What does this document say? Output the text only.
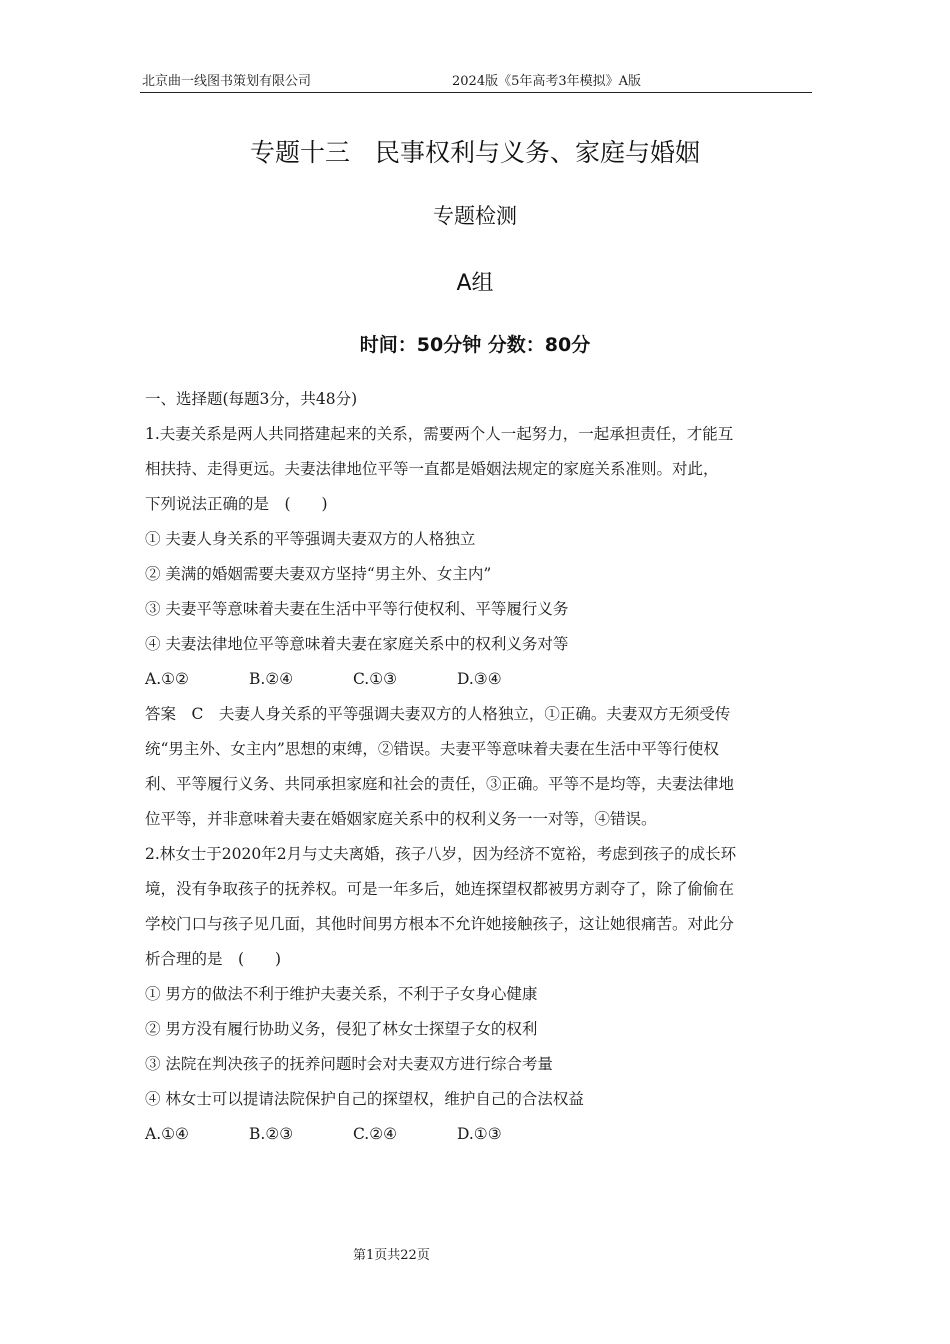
北京曲一线图书策划有限公司	2024版《5年高考3年模拟》A版
专题十三　民事权利与义务、家庭与婚姻
专题检测
A组
时间：50分钟 分数：80分
一、选择题(每题3分，共48分)
1.夫妻关系是两人共同搭建起来的关系，需要两个人一起努力，一起承担责任，才能互
相扶持、走得更远。夫妻法律地位平等一直都是婚姻法规定的家庭关系准则。对此，
下列说法正确的是　(　　)
① 夫妻人身关系的平等强调夫妻双方的人格独立
② 美满的婚姻需要夫妻双方坚持“男主外、女主内”
③ 夫妻平等意味着夫妻在生活中平等行使权利、平等履行义务
④ 夫妻法律地位平等意味着夫妻在家庭关系中的权利义务对等
A.①②	B.②④	C.①③	D.③④
答案　C　夫妻人身关系的平等强调夫妻双方的人格独立，①正确。夫妻双方无须受传
统“男主外、女主内”思想的束缚，②错误。夫妻平等意味着夫妻在生活中平等行使权
利、平等履行义务、共同承担家庭和社会的责任，③正确。平等不是均等，夫妻法律地
位平等，并非意味着夫妻在婚姻家庭关系中的权利义务一一对等，④错误。
2.林女士于2020年2月与丈夫离婚，孩子八岁，因为经济不宽裕，考虑到孩子的成长环
境，没有争取孩子的抚养权。可是一年多后，她连探望权都被男方剥夺了，除了偷偷在
学校门口与孩子见几面，其他时间男方根本不允许她接触孩子，这让她很痛苦。对此分
析合理的是　(　　)
① 男方的做法不利于维护夫妻关系，不利于子女身心健康
② 男方没有履行协助义务，侵犯了林女士探望子女的权利
③ 法院在判决孩子的抚养问题时会对夫妻双方进行综合考量
④ 林女士可以提请法院保护自己的探望权，维护自己的合法权益
A.①④	B.②③	C.②④	D.①③
第1页共22页
